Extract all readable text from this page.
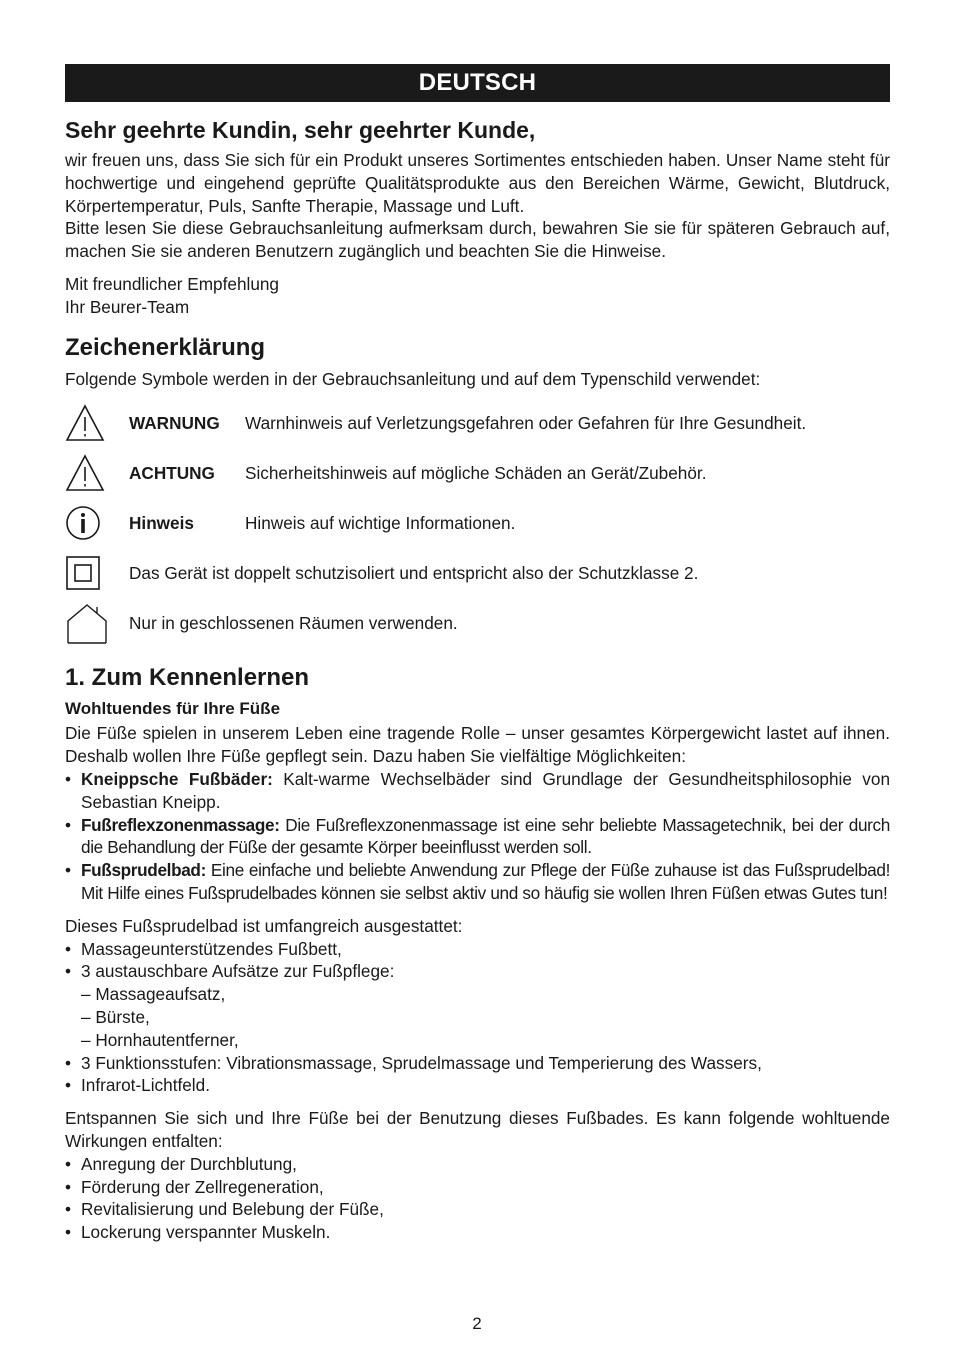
DEUTSCH
Sehr geehrte Kundin, sehr geehrter Kunde,

wir freuen uns, dass Sie sich für ein Produkt unseres Sortimentes entschieden haben. Unser Name steht für hochwertige und eingehend geprüfte Qualitätsprodukte aus den Bereichen Wärme, Gewicht, Blutdruck, Körpertemperatur, Puls, Sanfte Therapie, Massage und Luft.

Bitte lesen Sie diese Gebrauchsanleitung aufmerksam durch, bewahren Sie sie für späteren Gebrauch auf, machen Sie sie anderen Benutzern zugänglich und beachten Sie die Hinweise.

Mit freundlicher Empfehlung

Ihr Beurer-Team

Zeichenerklärung

Folgende Symbole werden in der Gebrauchsanleitung und auf dem Typenschild verwendet:

WARNUNG	Warnhinweis auf Verletzungsgefahren oder Gefahren für Ihre Gesundheit.
ACHTUNG	Sicherheitshinweis auf mögliche Schäden an Gerät/Zubehör.
Hinweis	Hinweis auf wichtige Informationen.
Das Gerät ist doppelt schutzisoliert und entspricht also der Schutzklasse 2.
Nur in geschlossenen Räumen verwenden.
1. Zum Kennenlernen
Wohltuendes für Ihre Füße

Die Füße spielen in unserem Leben eine tragende Rolle – unser gesamtes Körpergewicht lastet auf ihnen. Deshalb wollen Ihre Füße gepflegt sein. Dazu haben Sie vielfältige Möglichkeiten:

• Kneippsche Fußbäder: Kalt-warme Wechselbäder sind Grundlage der Gesundheitsphilosophie von Sebastian Kneipp.
• Fußreflexzonenmassage: Die Fußreflexzonenmassage ist eine sehr beliebte Massagetechnik, bei der durch die Behandlung der Füße der gesamte Körper beeinflusst werden soll.
• Fußsprudelbad: Eine einfache und beliebte Anwendung zur Pflege der Füße zuhause ist das Fußsprudelbad! Mit Hilfe eines Fußsprudelbades können sie selbst aktiv und so häufig sie wollen Ihren Füßen etwas Gutes tun!

Dieses Fußsprudelbad ist umfangreich ausgestattet:

• Massageunterstützendes Fußbett,
• 3 austauschbare Aufsätze zur Fußpflege:
– Massageaufsatz,
– Bürste,
– Hornhautentferner,
• 3 Funktionsstufen: Vibrationsmassage, Sprudelmassage und Temperierung des Wassers,
• Infrarot-Lichtfeld.

Entspannen Sie sich und Ihre Füße bei der Benutzung dieses Fußbades. Es kann folgende wohltuende Wirkungen entfalten:

• Anregung der Durchblutung,
• Förderung der Zellregeneration,
• Revitalisierung und Belebung der Füße,
• Lockerung verspannter Muskeln.
2
